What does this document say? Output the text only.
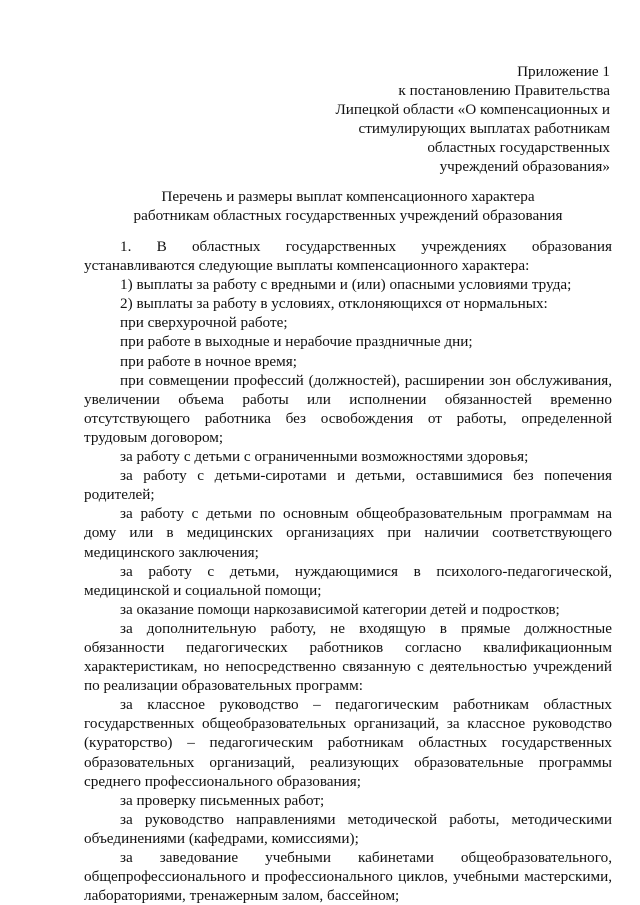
Приложение 1
к постановлению Правительства
Липецкой области «О компенсационных и
стимулирующих выплатах работникам
областных государственных
учреждений образования»
Перечень и размеры выплат компенсационного характера
работникам областных государственных учреждений образования

1. В областных государственных учреждениях образования устанавливаются следующие выплаты компенсационного характера:

1) выплаты за работу с вредными и (или) опасными условиями труда;

2) выплаты за работу в условиях, отклоняющихся от нормальных:

при сверхурочной работе;

при работе в выходные и нерабочие праздничные дни;

при работе в ночное время;

при совмещении профессий (должностей), расширении зон обслуживания, увеличении объема работы или исполнении обязанностей временно отсутствующего работника без освобождения от работы, определенной трудовым договором;

за работу с детьми с ограниченными возможностями здоровья;

за работу с детьми-сиротами и детьми, оставшимися без попечения родителей;

за работу с детьми по основным общеобразовательным программам на дому или в медицинских организациях при наличии соответствующего медицинского заключения;

за работу с детьми, нуждающимися в психолого-педагогической, медицинской и социальной помощи;

за оказание помощи наркозависимой категории детей и подростков;

за дополнительную работу, не входящую в прямые должностные обязанности педагогических работников согласно квалификационным характеристикам, но непосредственно связанную с деятельностью учреждений по реализации образовательных программ:

за классное руководство – педагогическим работникам областных государственных общеобразовательных организаций, за классное руководство (кураторство) – педагогическим работникам областных государственных образовательных организаций, реализующих образовательные программы среднего профессионального образования;

за проверку письменных работ;

за руководство направлениями методической работы, методическими объединениями (кафедрами, комиссиями);

за заведование учебными кабинетами общеобразовательного, общепрофессионального и профессионального циклов, учебными мастерскими, лабораториями, тренажерным залом, бассейном;
